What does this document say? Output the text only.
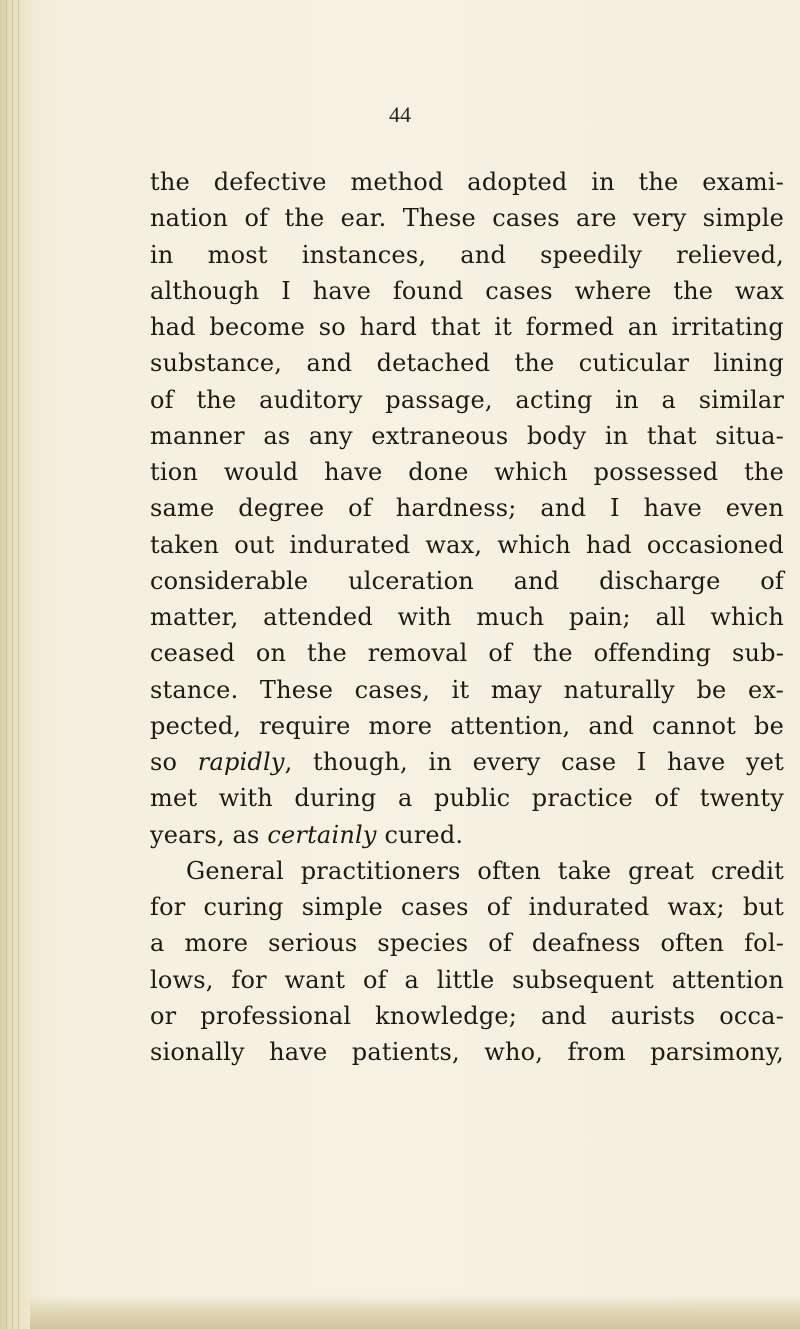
44
the defective method adopted in the exami-
nation of the ear. These cases are very simple
in most instances, and speedily relieved,
although I have found cases where the wax
had become so hard that it formed an irritating
substance, and detached the cuticular lining
of the auditory passage, acting in a similar
manner as any extraneous body in that situa-
tion would have done which possessed the
same degree of hardness; and I have even
taken out indurated wax, which had occasioned
considerable ulceration and discharge of
matter, attended with much pain; all which
ceased on the removal of the offending sub-
stance. These cases, it may naturally be ex-
pected, require more attention, and cannot be
so rapidly, though, in every case I have yet
met with during a public practice of twenty
years, as certainly cured.
General practitioners often take great credit
for curing simple cases of indurated wax; but
a more serious species of deafness often fol-
lows, for want of a little subsequent attention
or professional knowledge; and aurists occa-
sionally have patients, who, from parsimony,
